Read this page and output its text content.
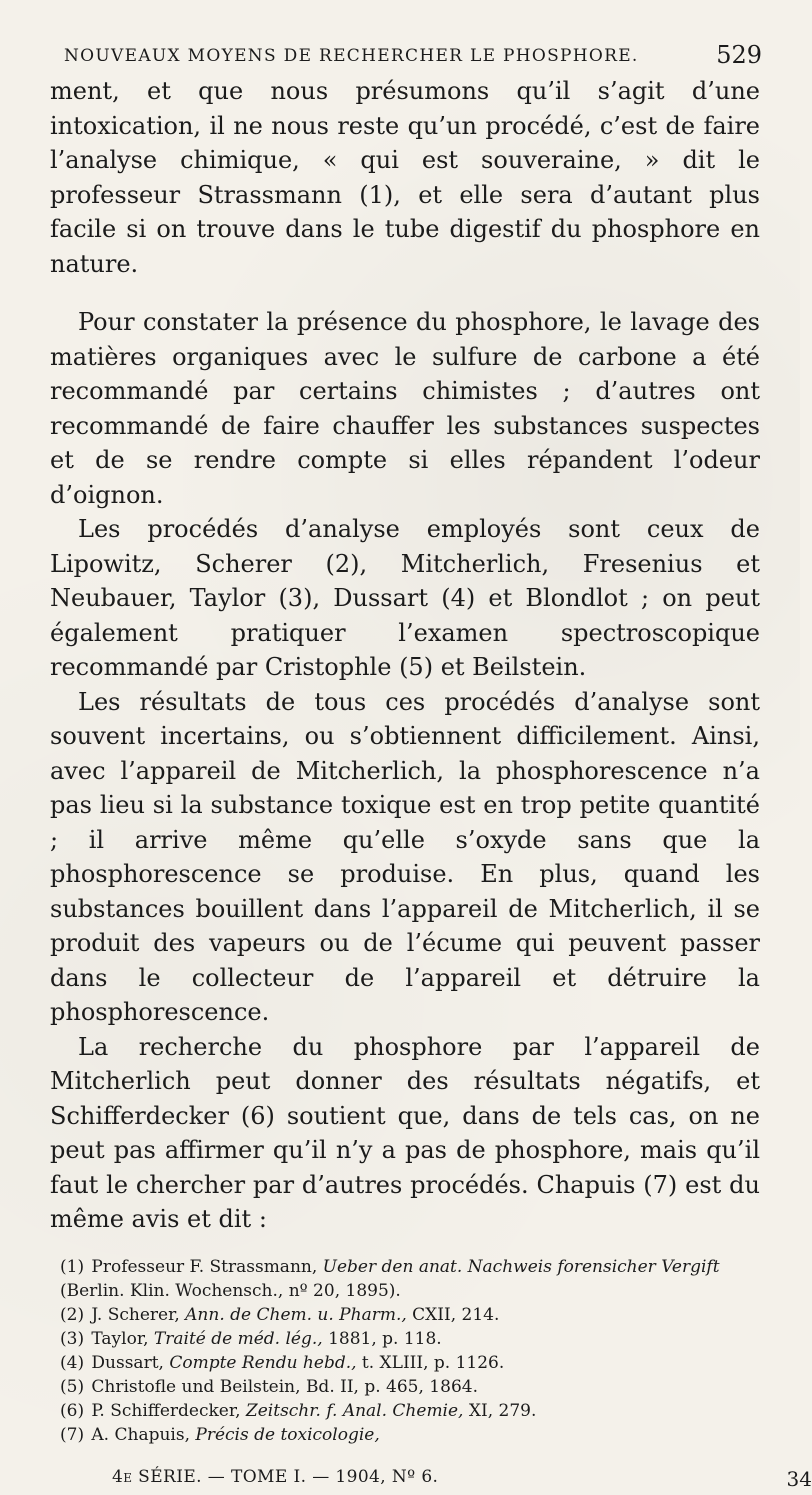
NOUVEAUX MOYENS DE RECHERCHER LE PHOSPHORE.	529

ment, et que nous présumons qu’il s’agit d’une intoxication, il ne nous reste qu’un procédé, c’est de faire l’analyse chimique, « qui est souveraine, » dit le professeur Strassmann (1), et elle sera d’autant plus facile si on trouve dans le tube digestif du phosphore en nature.

Pour constater la présence du phosphore, le lavage des matières organiques avec le sulfure de carbone a été recommandé par certains chimistes ; d’autres ont recommandé de faire chauffer les substances suspectes et de se rendre compte si elles répandent l’odeur d’oignon.

Les procédés d’analyse employés sont ceux de Lipowitz, Scherer (2), Mitcherlich, Fresenius et Neubauer, Taylor (3), Dussart (4) et Blondlot ; on peut également pratiquer l’examen spectroscopique recommandé par Cristophle (5) et Beilstein.

Les résultats de tous ces procédés d’analyse sont souvent incertains, ou s’obtiennent difficilement. Ainsi, avec l’appareil de Mitcherlich, la phosphorescence n’a pas lieu si la substance toxique est en trop petite quantité ; il arrive même qu’elle s’oxyde sans que la phosphorescence se produise. En plus, quand les substances bouillent dans l’appareil de Mitcherlich, il se produit des vapeurs ou de l’écume qui peuvent passer dans le collecteur de l’appareil et détruire la phosphorescence.

La recherche du phosphore par l’appareil de Mitcherlich peut donner des résultats négatifs, et Schifferdecker (6) soutient que, dans de tels cas, on ne peut pas affirmer qu’il n’y a pas de phosphore, mais qu’il faut le chercher par d’autres procédés. Chapuis (7) est du même avis et dit :

(1) Professeur F. Strassmann, Ueber den anat. Nachweis forensicher Vergift (Berlin. Klin. Wochensch., nº 20, 1895).

(2) J. Scherer, Ann. de Chem. u. Pharm., CXII, 214.

(3) Taylor, Traité de méd. lég., 1881, p. 118.

(4) Dussart, Compte Rendu hebd., t. XLIII, p. 1126.

(5) Christofle und Beilstein, Bd. II, p. 465, 1864.

(6) P. Schifferdecker, Zeitschr. f. Anal. Chemie, XI, 279.

(7) A. Chapuis, Précis de toxicologie,

4e SÉRIE. — TOME I. — 1904, Nº 6.	34
